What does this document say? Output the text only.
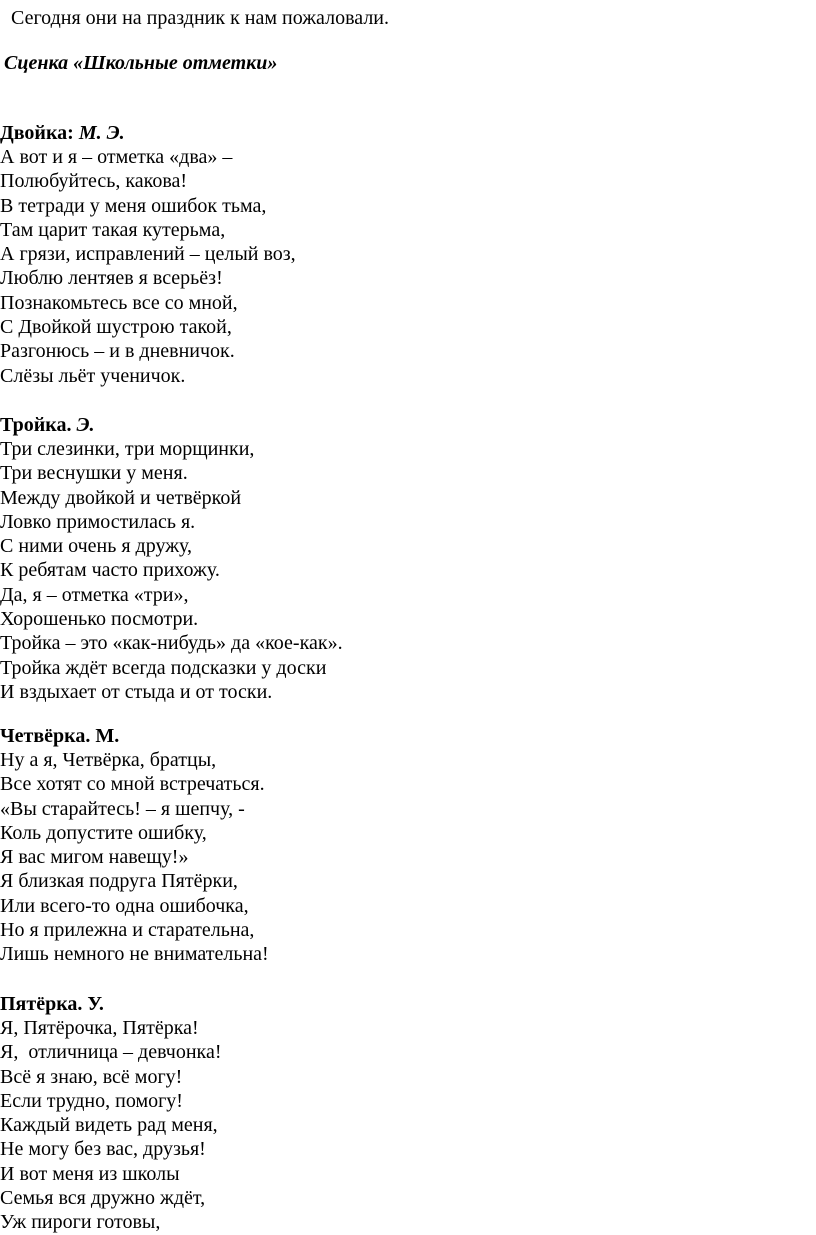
Сегодня они на праздник к нам пожаловали.
Сценка «Школьные отметки»
Двойка: М. Э.
А вот и я – отметка «два» –
Полюбуйтесь, какова!
В тетради у меня ошибок тьма,
Там царит такая кутерьма,
А грязи, исправлений – целый воз,
Люблю лентяев я всерьёз!
Познакомьтесь все со мной,
С Двойкой шустрою такой,
Разгонюсь – и в дневничок.
Слёзы льёт ученичок.
Тройка. Э.
Три слезинки, три морщинки,
Три веснушки у меня.
Между двойкой и четвёркой
Ловко примостилась я.
С ними очень я дружу,
К ребятам часто прихожу.
Да, я – отметка «три»,
Хорошенько посмотри.
Тройка – это «как-нибудь» да «кое-как».
Тройка ждёт всегда подсказки у доски
И вздыхает от стыда и от тоски.
Четвёрка. М.
Ну а я, Четвёрка, братцы,
Все хотят со мной встречаться.
«Вы старайтесь! – я шепчу, -
Коль допустите ошибку,
Я вас мигом навещу!»
Я близкая подруга Пятёрки,
Или всего-то одна ошибочка,
Но я прилежна и старательна,
Лишь немного не внимательна!
Пятёрка. У.
Я, Пятёрочка, Пятёрка!
Я,  отличница – девчонка!
Всё я знаю, всё могу!
Если трудно, помогу!
Каждый видеть рад меня,
Не могу без вас, друзья!
И вот меня из школы
Семья вся дружно ждёт,
Уж пироги готовы,
